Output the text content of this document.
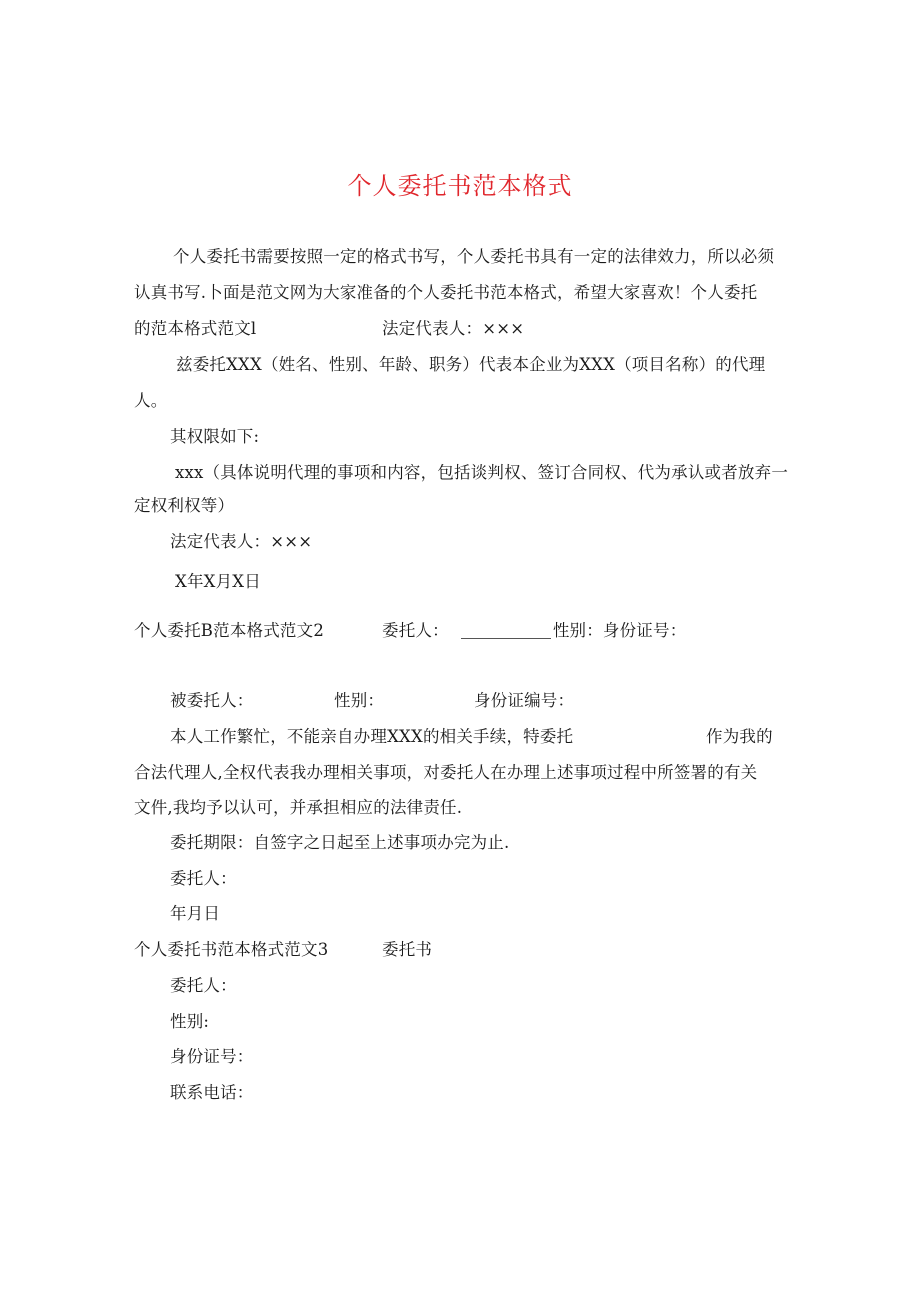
个人委托书范本格式
个人委托书需要按照一定的格式书写，个人委托书具有一定的法律效力，所以必须
认真书写.卜面是范文网为大家准备的个人委托书范本格式，希望大家喜欢！个人委托
的范本格式范文l	法定代表人：×××
兹委托XXX（姓名、性别、年龄、职务）代表本企业为XXX（项目名称）的代理
人。
其权限如下:
xxx（具体说明代理的事项和内容，包括谈判权、签订合同权、代为承认或者放弃一
定权利权等）
法定代表人：×××
X年X月X日
个人委托B范本格式范文2	委托人：	性别：身份证号：
被委托人：	性别：	身份证编号：
本人工作繁忙，不能亲自办理XXX的相关手续，特委托	作为我的
合法代理人,全权代表我办理相关事项，对委托人在办理上述事项过程中所签署的有关
文件,我均予以认可，并承担相应的法律责任.
委托期限：自签字之日起至上述事项办完为止.
委托人：
年月日
个人委托书范本格式范文3	委托书
委托人：
性别:
身份证号：
联系电话：
